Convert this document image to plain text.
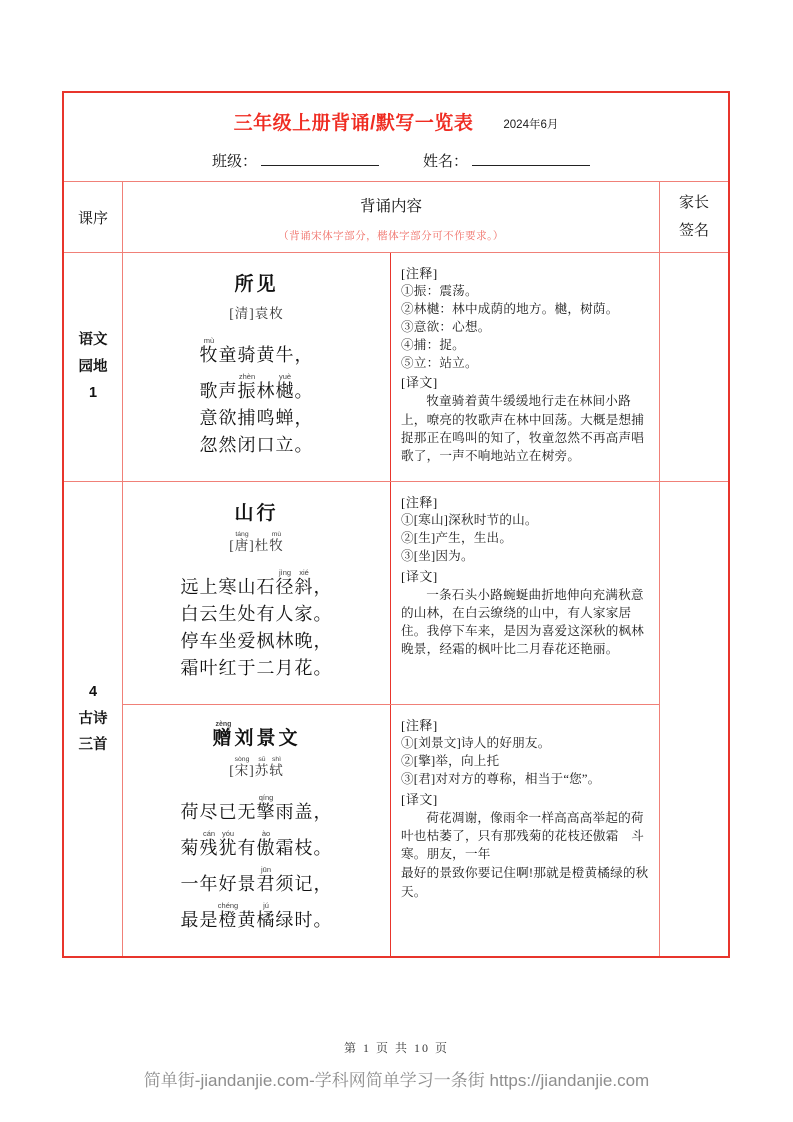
三年级上册背诵/默写一览表	2024年6月
班级：	姓名：
课序
背诵内容
（背诵宋体字部分，楷体字部分可不作要求。）
家长
签名
语文
园地
1
所见
[清]袁枚
牧mù童骑黄牛，
歌声振zhèn林樾yuè。
意欲捕鸣蝉，
忽然闭口立。
[注释]
①振：震荡。
②林樾：林中成荫的地方。樾，树荫。
③意欲：心想。
④捕：捉。
⑤立：站立。
[译文]
牧童骑着黄牛缓缓地行走在林间小路上，嘹亮的牧歌声在林中回荡。大概是想捕捉那正在鸣叫的知了，牧童忽然不再高声唱歌了，一声不响地站立在树旁。
4
古诗
三首
山行
[唐táng]杜牧mù
远上寒山石径jìng斜xié，
白云生处有人家。
停车坐爱枫林晚，
霜叶红于二月花。
[注释]
①[寒山]深秋时节的山。
②[生]产生，生出。
③[坐]因为。
[译文]
一条石头小路蜿蜒曲折地伸向充满秋意的山林，在白云缭绕的山中，有人家家居住。我停下车来，是因为喜爱这深秋的枫林晚景，经霜的枫叶比二月春花还艳丽。
赠zèng刘景文
[宋sòng]苏sū轼shì
荷尽已无擎qíng雨盖，
菊残cán犹yóu有傲ào霜枝。
一年好景君jūn须记，
最是橙chéng黄橘jú绿时。
[注释]
①[刘景文]诗人的好朋友。
②[擎]举，向上托
③[君]对对方的尊称，相当于“您”。
[译文]
荷花凋谢，像雨伞一样高高高举起的荷叶也枯萎了，只有那残菊的花枝还傲霜　斗寒。朋友，一年
最好的景致你要记住啊!那就是橙黄橘绿的秋天。
第 1 页 共 10 页
简单街-jiandanjie.com-学科网简单学习一条街 https://jiandanjie.com
